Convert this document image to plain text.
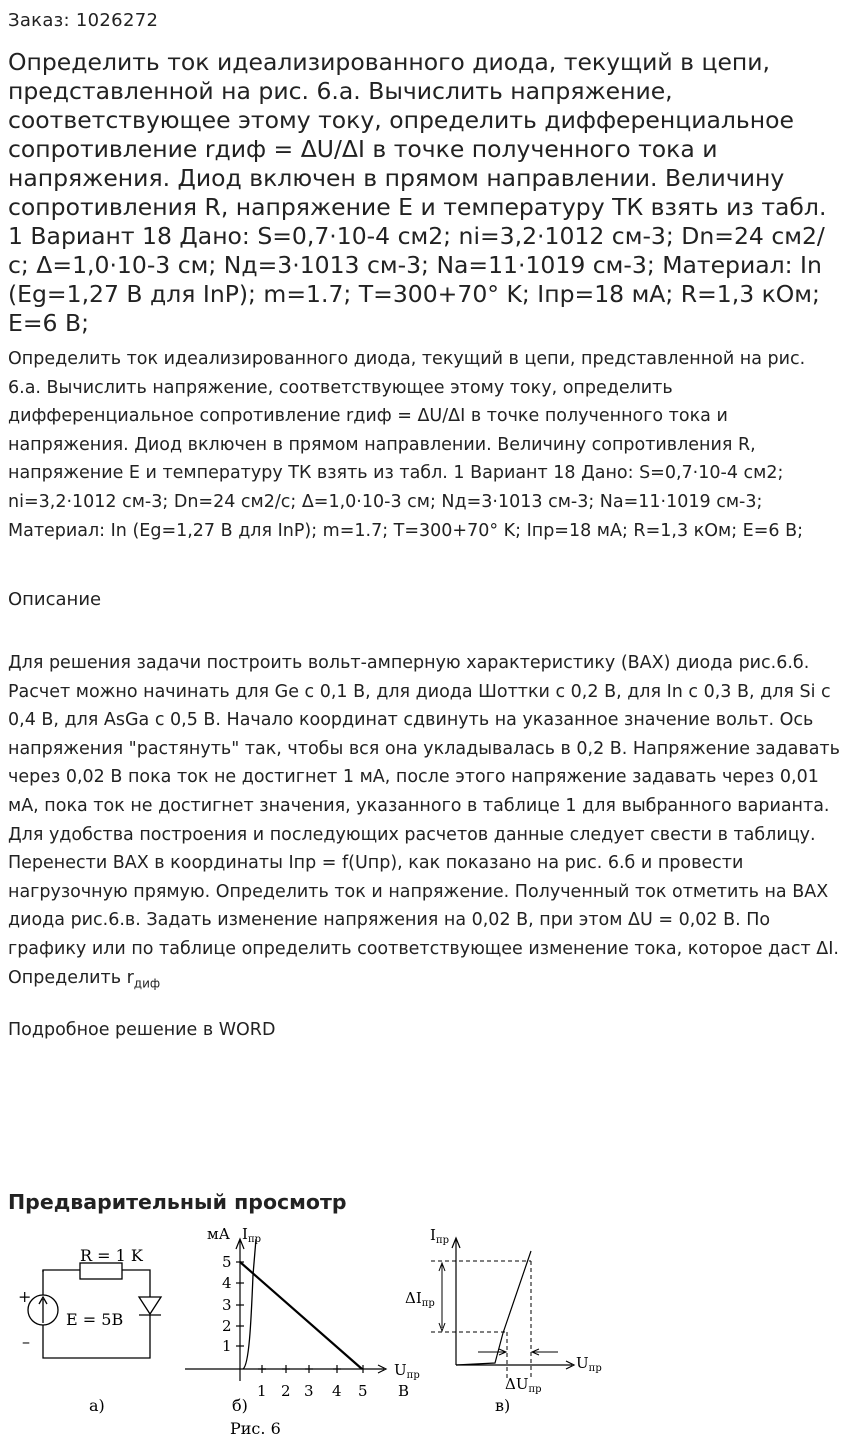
Заказ: 1026272
Определить ток идеализированного диода, текущий в цепи, представленной на рис. 6.а. Вычислить напряжение, соответствующее этому току, определить дифференциальное сопротивление rдиф = ΔU/ΔI в точке полученного тока и напряжения. Диод включен в прямом направлении. Величину сопротивления R, напряжение E и температуру ТК взять из табл. 1 Вариант 18 Дано: S=0,7·10-4 см2; ni=3,2·1012 см-3; Dn=24 см2/с; Δ=1,0·10-3 см; Nд=3·1013 см-3; Na=11·1019 см-3; Материал: In (Eg=1,27 В для InP); m=1.7; T=300+70° K; Iпр=18 мА; R=1,3 кОм; E=6 В;

Определить ток идеализированного диода, текущий в цепи, представленной на рис. 6.а. Вычислить напряжение, соответствующее этому току, определить дифференциальное сопротивление rдиф = ΔU/ΔI в точке полученного тока и напряжения. Диод включен в прямом направлении. Величину сопротивления R, напряжение E и температуру ТК взять из табл. 1 Вариант 18 Дано: S=0,7·10-4 см2; ni=3,2·1012 см-3; Dn=24 см2/с; Δ=1,0·10-3 см; Nд=3·1013 см-3; Na=11·1019 см-3; Материал: In (Eg=1,27 В для InP); m=1.7; T=300+70° K; Iпр=18 мА; R=1,3 кОм; E=6 В;

Описание

Для решения задачи построить вольт-амперную характеристику (ВАХ) диода рис.6.б. Расчет можно начинать для Ge с 0,1 В, для диода Шоттки с 0,2 В, для In с 0,3 В, для Si с 0,4 В, для AsGa с 0,5 В. Начало координат сдвинуть на указанное значение вольт. Ось напряжения "растянуть" так, чтобы вся она укладывалась в 0,2 В. Напряжение задавать через 0,02 В пока ток не достигнет 1 мА, после этого напряжение задавать через 0,01 мА, пока ток не достигнет значения, указанного в таблице 1 для выбранного варианта. Для удобства построения и последующих расчетов данные следует свести в таблицу. Перенести ВАХ в координаты Iпр = f(Uпр), как показано на рис. 6.б и провести нагрузочную прямую. Определить ток и напряжение. Полученный ток отметить на ВАХ диода рис.6.в. Задать изменение напряжения на 0,02 В, при этом ΔU = 0,02 В. По графику или по таблице определить соответствующее изменение тока, которое даст ΔI. Определить $r_{диф}$

Подробное решение в WORD
Предварительный просмотр
R = 1 K
E = 5B
+
–
а)
мА $I_{пр}$
5
4
3
2
1
1 2 3 4 5
$U_{пр}$
В
б)
$I_{пр}$
$\Delta I_{пр}$
$U_{пр}$
$\Delta U_{пр}$
в)
Рис. 6
